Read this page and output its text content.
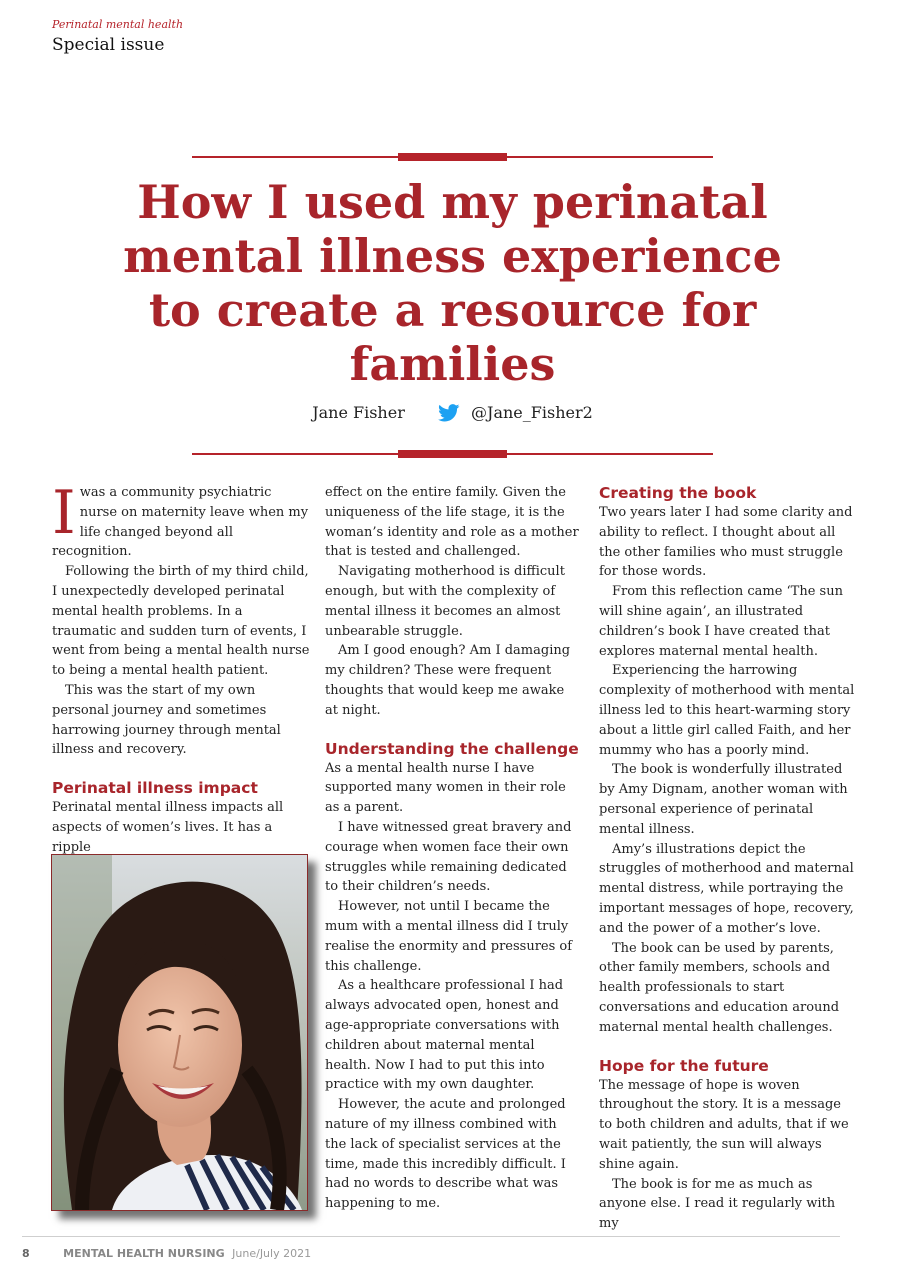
Perinatal mental health
Special issue
How I used my perinatal mental illness experience to create a resource for families
Jane Fisher	@Jane_Fisher2

Iwas a community psychiatric nurse on maternity leave when my life changed beyond all recognition.

Following the birth of my third child, I unexpectedly developed perinatal mental health problems. In a traumatic and sudden turn of events, I went from being a mental health nurse to being a mental health patient.

This was the start of my own personal journey and sometimes harrowing journey through mental illness and recovery.

Perinatal illness impact

Perinatal mental illness impacts all aspects of women’s lives. It has a ripple

effect on the entire family. Given the uniqueness of the life stage, it is the woman’s identity and role as a mother that is tested and challenged.

Navigating motherhood is difficult enough, but with the complexity of mental illness it becomes an almost unbearable struggle.

Am I good enough? Am I damaging my children? These were frequent thoughts that would keep me awake at night.

Understanding the challenge

As a mental health nurse I have supported many women in their role as a parent.

I have witnessed great bravery and courage when women face their own struggles while remaining dedicated to their children’s needs.

However, not until I became the mum with a mental illness did I truly realise the enormity and pressures of this challenge.

As a healthcare professional I had always advocated open, honest and age-appropriate conversations with children about maternal mental health. Now I had to put this into practice with my own daughter.

However, the acute and prolonged nature of my illness combined with the lack of specialist services at the time, made this incredibly difficult. I had no words to describe what was happening to me.

Creating the book

Two years later I had some clarity and ability to reflect. I thought about all the other families who must struggle for those words.

From this reflection came ‘The sun will shine again’, an illustrated children’s book I have created that explores maternal mental health.

Experiencing the harrowing complexity of motherhood with mental illness led to this heart-warming story about a little girl called Faith, and her mummy who has a poorly mind.

The book is wonderfully illustrated by Amy Dignam, another woman with personal experience of perinatal mental illness.

Amy’s illustrations depict the struggles of motherhood and maternal mental distress, while portraying the important messages of hope, recovery, and the power of a mother’s love.

The book can be used by parents, other family members, schools and health professionals to start conversations and education around maternal mental health challenges.

Hope for the future

The message of hope is woven throughout the story. It is a message to both children and adults, that if we wait patiently, the sun will always shine again.

The book is for me as much as anyone else. I read it regularly with my

8	MENTAL HEALTH NURSING June/July 2021
